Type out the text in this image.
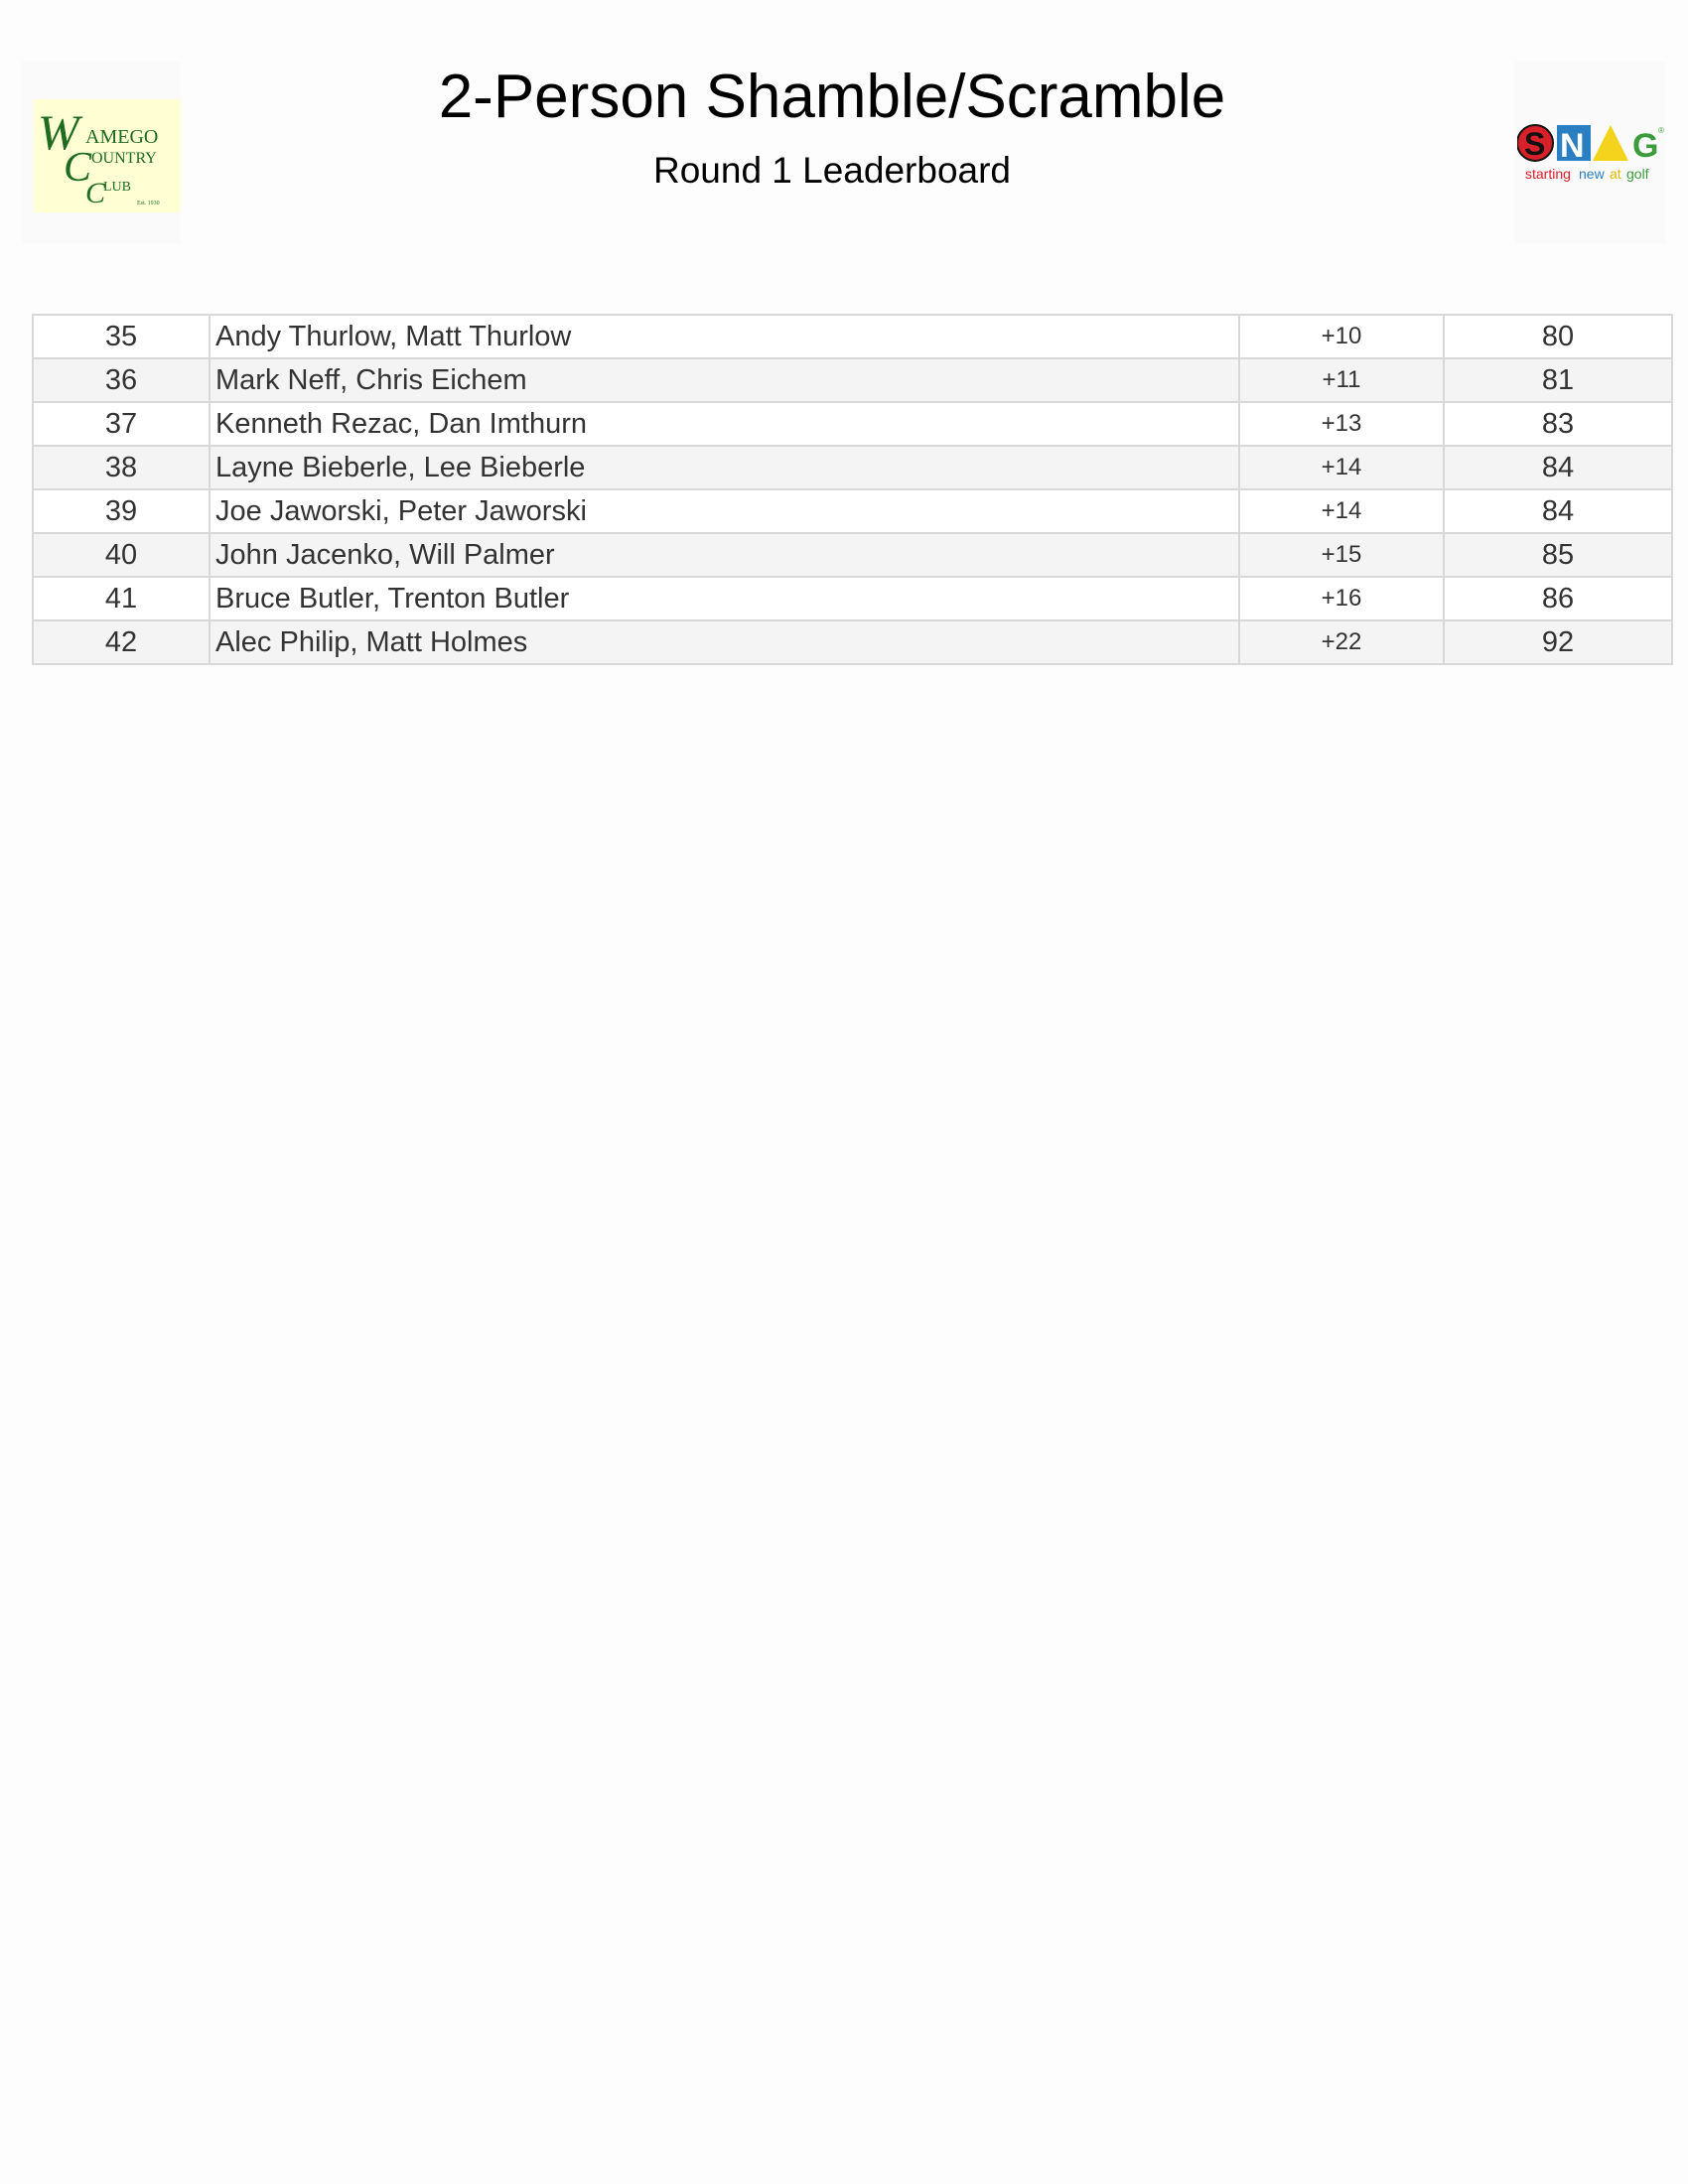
W AMEGO
C OUNTRY
C
LUB
Est. 1930
2-Person Shamble/Scramble
Round 1 Leaderboard
S N G ®
starting new at golf
35	Andy Thurlow, Matt Thurlow	+10	80
36	Mark Neff, Chris Eichem	+11	81
37	Kenneth Rezac, Dan Imthurn	+13	83
38	Layne Bieberle, Lee Bieberle	+14	84
39	Joe Jaworski, Peter Jaworski	+14	84
40	John Jacenko, Will Palmer	+15	85
41	Bruce Butler, Trenton Butler	+16	86
42	Alec Philip, Matt Holmes	+22	92
